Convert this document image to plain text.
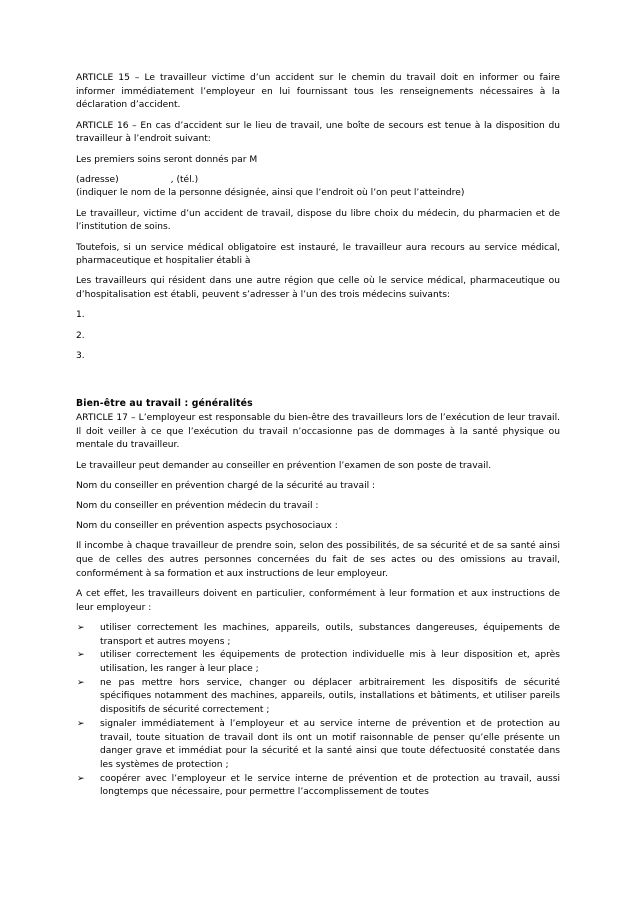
ARTICLE 15 – Le travailleur victime d’un accident sur le chemin du travail doit en informer ou faire informer immédiatement l’employeur en lui fournissant tous les renseignements nécessaires à la déclaration d’accident.

ARTICLE 16 – En cas d’accident sur le lieu de travail, une boîte de secours est tenue à la disposition du travailleur à l’endroit suivant:

Les premiers soins seront donnés par M

(adresse)	, (tél.)

(indiquer le nom de la personne désignée, ainsi que l’endroit où l’on peut l’atteindre)

Le travailleur, victime d’un accident de travail, dispose du libre choix du médecin, du pharmacien et de l’institution de soins.

Toutefois, si un service médical obligatoire est instauré, le travailleur aura recours au service médical, pharmaceutique et hospitalier établi à

Les travailleurs qui résident dans une autre région que celle où le service médical, pharmaceutique ou d’hospitalisation est établi, peuvent s’adresser à l’un des trois médecins suivants:

1.

2.

3.

Bien-être au travail : généralités

ARTICLE 17 – L’employeur est responsable du bien-être des travailleurs lors de l’exécution de leur travail. Il doit veiller à ce que l’exécution du travail n’occasionne pas de dommages à la santé physique ou mentale du travailleur.

Le travailleur peut demander au conseiller en prévention l’examen de son poste de travail.

Nom du conseiller en prévention chargé de la sécurité au travail :

Nom du conseiller en prévention médecin du travail :

Nom du conseiller en prévention aspects psychosociaux :

Il incombe à chaque travailleur de prendre soin, selon des possibilités, de sa sécurité et de sa santé ainsi que de celles des autres personnes concernées du fait de ses actes ou des omissions au travail, conformément à sa formation et aux instructions de leur employeur.

A cet effet, les travailleurs doivent en particulier, conformément à leur formation et aux instructions de leur employeur :

➢ utiliser correctement les machines, appareils, outils, substances dangereuses, équipements de transport et autres moyens ;
➢ utiliser correctement les équipements de protection individuelle mis à leur disposition et, après utilisation, les ranger à leur place ;
➢ ne pas mettre hors service, changer ou déplacer arbitrairement les dispositifs de sécurité spécifiques notamment des machines, appareils, outils, installations et bâtiments, et utiliser pareils dispositifs de sécurité correctement ;
➢ signaler immédiatement à l’employeur et au service interne de prévention et de protection au travail, toute situation de travail dont ils ont un motif raisonnable de penser qu’elle présente un danger grave et immédiat pour la sécurité et la santé ainsi que toute défectuosité constatée dans les systèmes de protection ;
➢ coopérer avec l’employeur et le service interne de prévention et de protection au travail, aussi longtemps que nécessaire, pour permettre l’accomplissement de toutes
